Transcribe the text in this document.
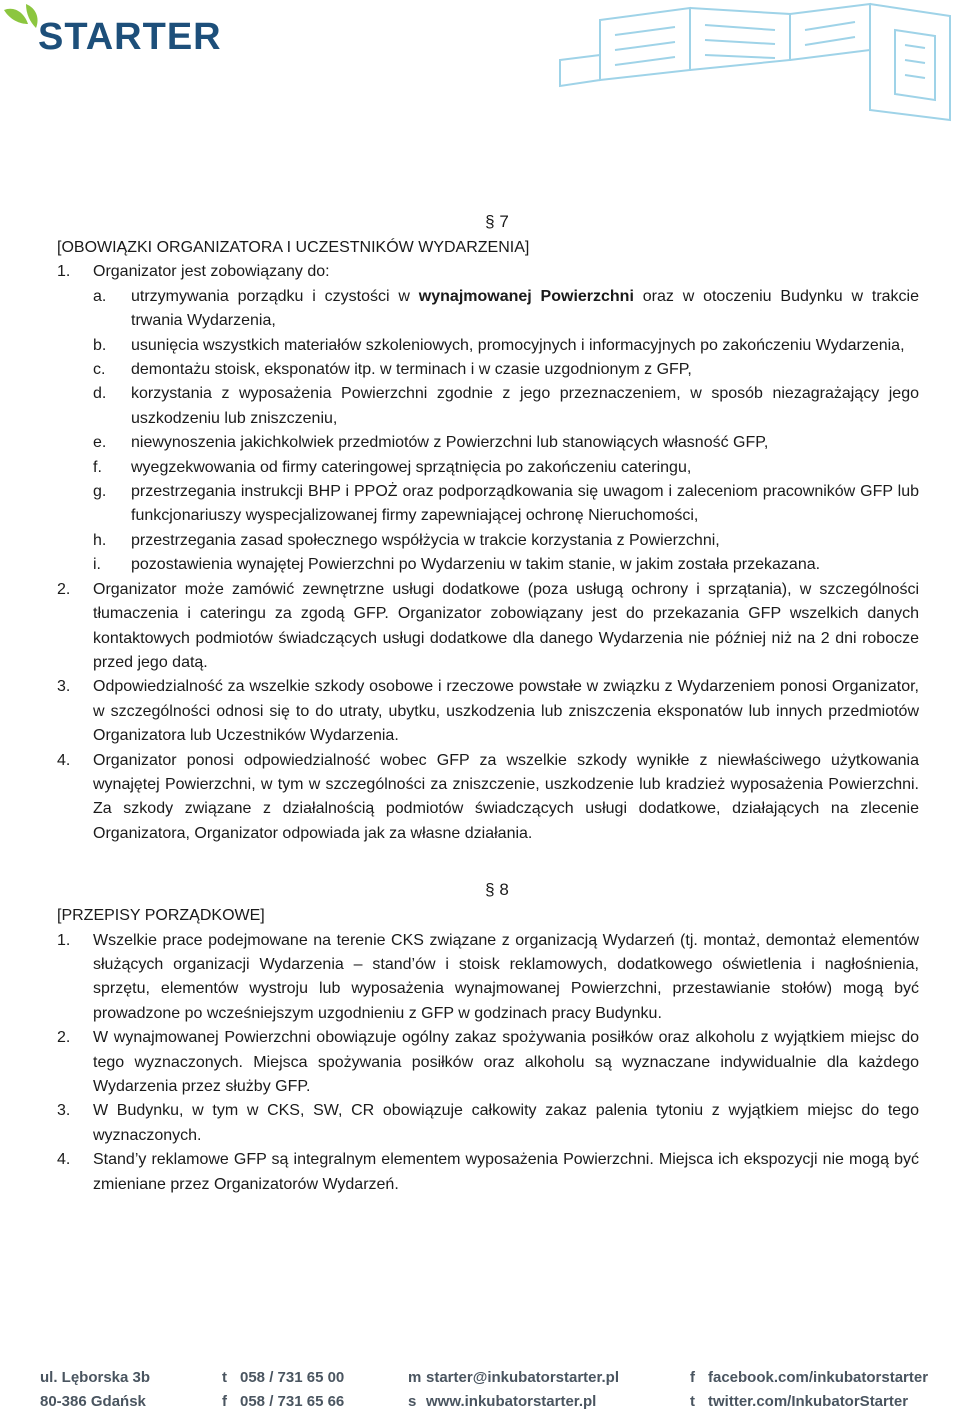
STARTER
§ 7
[OBOWIĄZKI ORGANIZATORA I UCZESTNIKÓW WYDARZENIA]
1.	Organizator jest zobowiązany do:
a.	utrzymywania porządku i czystości w wynajmowanej Powierzchni oraz w otoczeniu Budynku w trakcie trwania Wydarzenia,
b.	usunięcia wszystkich materiałów szkoleniowych, promocyjnych i informacyjnych po zakończeniu Wydarzenia,
c.	demontażu stoisk, eksponatów itp. w terminach i w czasie uzgodnionym z GFP,
d.	korzystania z wyposażenia Powierzchni zgodnie z jego przeznaczeniem, w sposób niezagrażający jego uszkodzeniu lub zniszczeniu,
e.	niewynoszenia jakichkolwiek przedmiotów z Powierzchni lub stanowiących własność GFP,
f.	wyegzekwowania od firmy cateringowej sprzątnięcia po zakończeniu cateringu,
g.	przestrzegania instrukcji BHP i PPOŻ oraz podporządkowania się uwagom i zaleceniom pracowników GFP lub funkcjonariuszy wyspecjalizowanej firmy zapewniającej ochronę Nieruchomości,
h.	przestrzegania zasad społecznego współżycia w trakcie korzystania z Powierzchni,
i.	pozostawienia wynajętej Powierzchni po Wydarzeniu w takim stanie, w jakim została przekazana.
2.	Organizator może zamówić zewnętrzne usługi dodatkowe (poza usługą ochrony i sprzątania), w szczególności tłumaczenia i cateringu za zgodą GFP. Organizator zobowiązany jest do przekazania GFP wszelkich danych kontaktowych podmiotów świadczących usługi dodatkowe dla danego Wydarzenia nie później niż na 2 dni robocze przed jego datą.
3.	Odpowiedzialność za wszelkie szkody osobowe i rzeczowe powstałe w związku z Wydarzeniem ponosi Organizator, w szczególności odnosi się to do utraty, ubytku, uszkodzenia lub zniszczenia eksponatów lub innych przedmiotów Organizatora lub Uczestników Wydarzenia.
4.	Organizator ponosi odpowiedzialność wobec GFP za wszelkie szkody wynikłe z niewłaściwego użytkowania wynajętej Powierzchni, w tym w szczególności za zniszczenie, uszkodzenie lub kradzież wyposażenia Powierzchni. Za szkody związane z działalnością podmiotów świadczących usługi dodatkowe, działających na zlecenie Organizatora, Organizator odpowiada jak za własne działania.
§ 8
[PRZEPISY PORZĄDKOWE]
1.	Wszelkie prace podejmowane na terenie CKS związane z organizacją Wydarzeń (tj. montaż, demontaż elementów służących organizacji Wydarzenia – stand’ów i stoisk reklamowych, dodatkowego oświetlenia i nagłośnienia, sprzętu, elementów wystroju lub wyposażenia wynajmowanej Powierzchni, przestawianie stołów) mogą być prowadzone po wcześniejszym uzgodnieniu z GFP w godzinach pracy Budynku.
2.	W wynajmowanej Powierzchni obowiązuje ogólny zakaz spożywania posiłków oraz alkoholu z wyjątkiem miejsc do tego wyznaczonych. Miejsca spożywania posiłków oraz alkoholu są wyznaczane indywidualnie dla każdego Wydarzenia przez służby GFP.
3.	W Budynku, w tym w CKS, SW, CR obowiązuje całkowity zakaz palenia tytoniu z wyjątkiem miejsc do tego wyznaczonych.
4.	Stand’y reklamowe GFP są integralnym elementem wyposażenia Powierzchni. Miejsca ich ekspozycji nie mogą być zmieniane przez Organizatorów Wydarzeń.
ul. Lęborska 3b
80-386 Gdańsk
t 058 / 731 65 00
f 058 / 731 65 66
m starter@inkubatorstarter.pl
s www.inkubatorstarter.pl
f facebook.com/inkubatorstarter
t twitter.com/InkubatorStarter
